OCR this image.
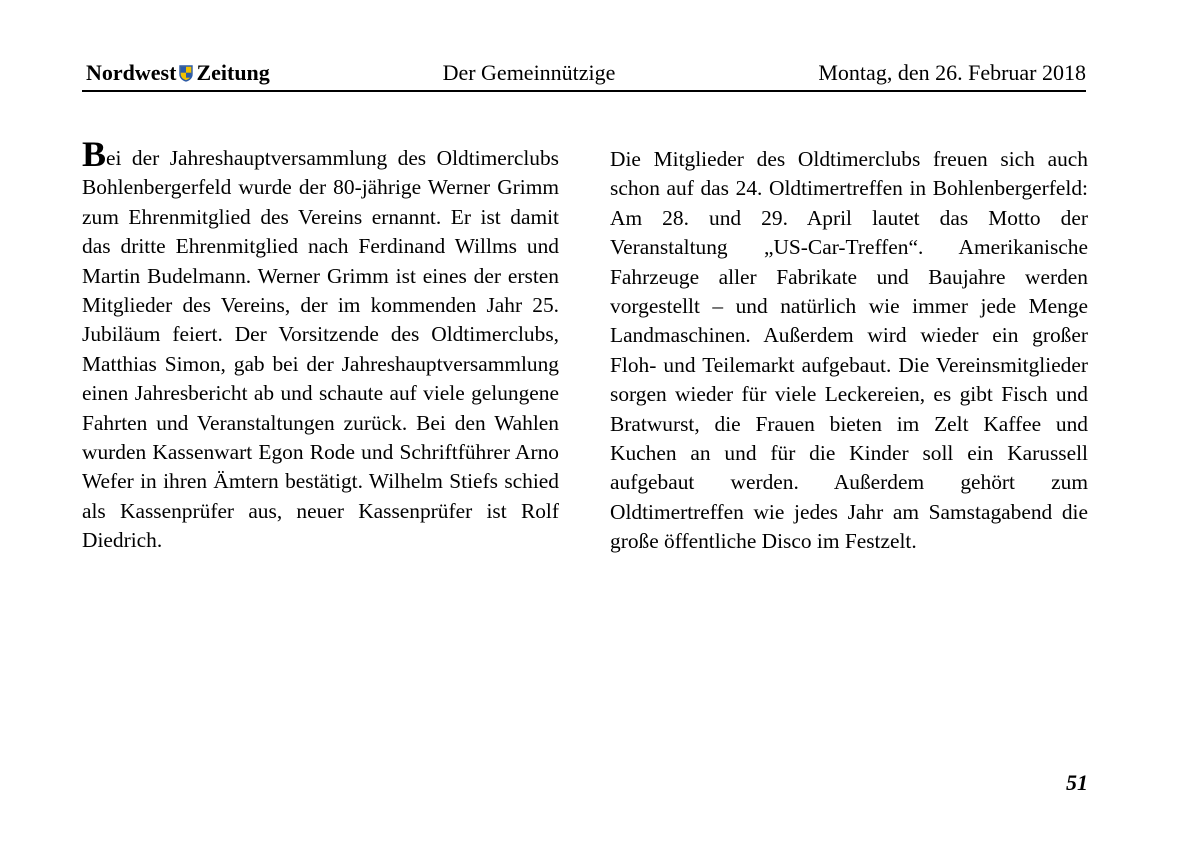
Nordwest Zeitung	Der Gemeinnützige	Montag, den 26. Februar 2018

Bei der Jahreshauptversammlung des Oldtimerclubs Bohlenbergerfeld wurde der 80-jährige Werner Grimm zum Ehrenmitglied des Vereins ernannt. Er ist damit das dritte Ehrenmitglied nach Ferdinand Willms und Martin Budelmann. Werner Grimm ist eines der ersten Mitglieder des Vereins, der im kommenden Jahr 25. Jubiläum feiert. Der Vorsitzende des Oldtimerclubs, Matthias Simon, gab bei der Jahreshauptversammlung einen Jahresbericht ab und schaute auf viele gelungene Fahrten und Veranstaltungen zurück. Bei den Wahlen wurden Kassenwart Egon Rode und Schriftführer Arno Wefer in ihren Ämtern bestätigt. Wilhelm Stiefs schied als Kassenprüfer aus, neuer Kassenprüfer ist Rolf Diedrich.

Die Mitglieder des Oldtimerclubs freuen sich auch schon auf das 24. Oldtimertreffen in Bohlenbergerfeld: Am 28. und 29. April lautet das Motto der Veranstaltung „US-Car-Treffen“. Amerikanische Fahrzeuge aller Fabrikate und Baujahre werden vorgestellt – und natürlich wie immer jede Menge Landmaschinen. Außerdem wird wieder ein großer Floh- und Teilemarkt aufgebaut. Die Vereinsmitglieder sorgen wieder für viele Leckereien, es gibt Fisch und Bratwurst, die Frauen bieten im Zelt Kaffee und Kuchen an und für die Kinder soll ein Karussell aufgebaut werden. Außerdem gehört zum Oldtimertreffen wie jedes Jahr am Samstagabend die große öffentliche Disco im Festzelt.

51
